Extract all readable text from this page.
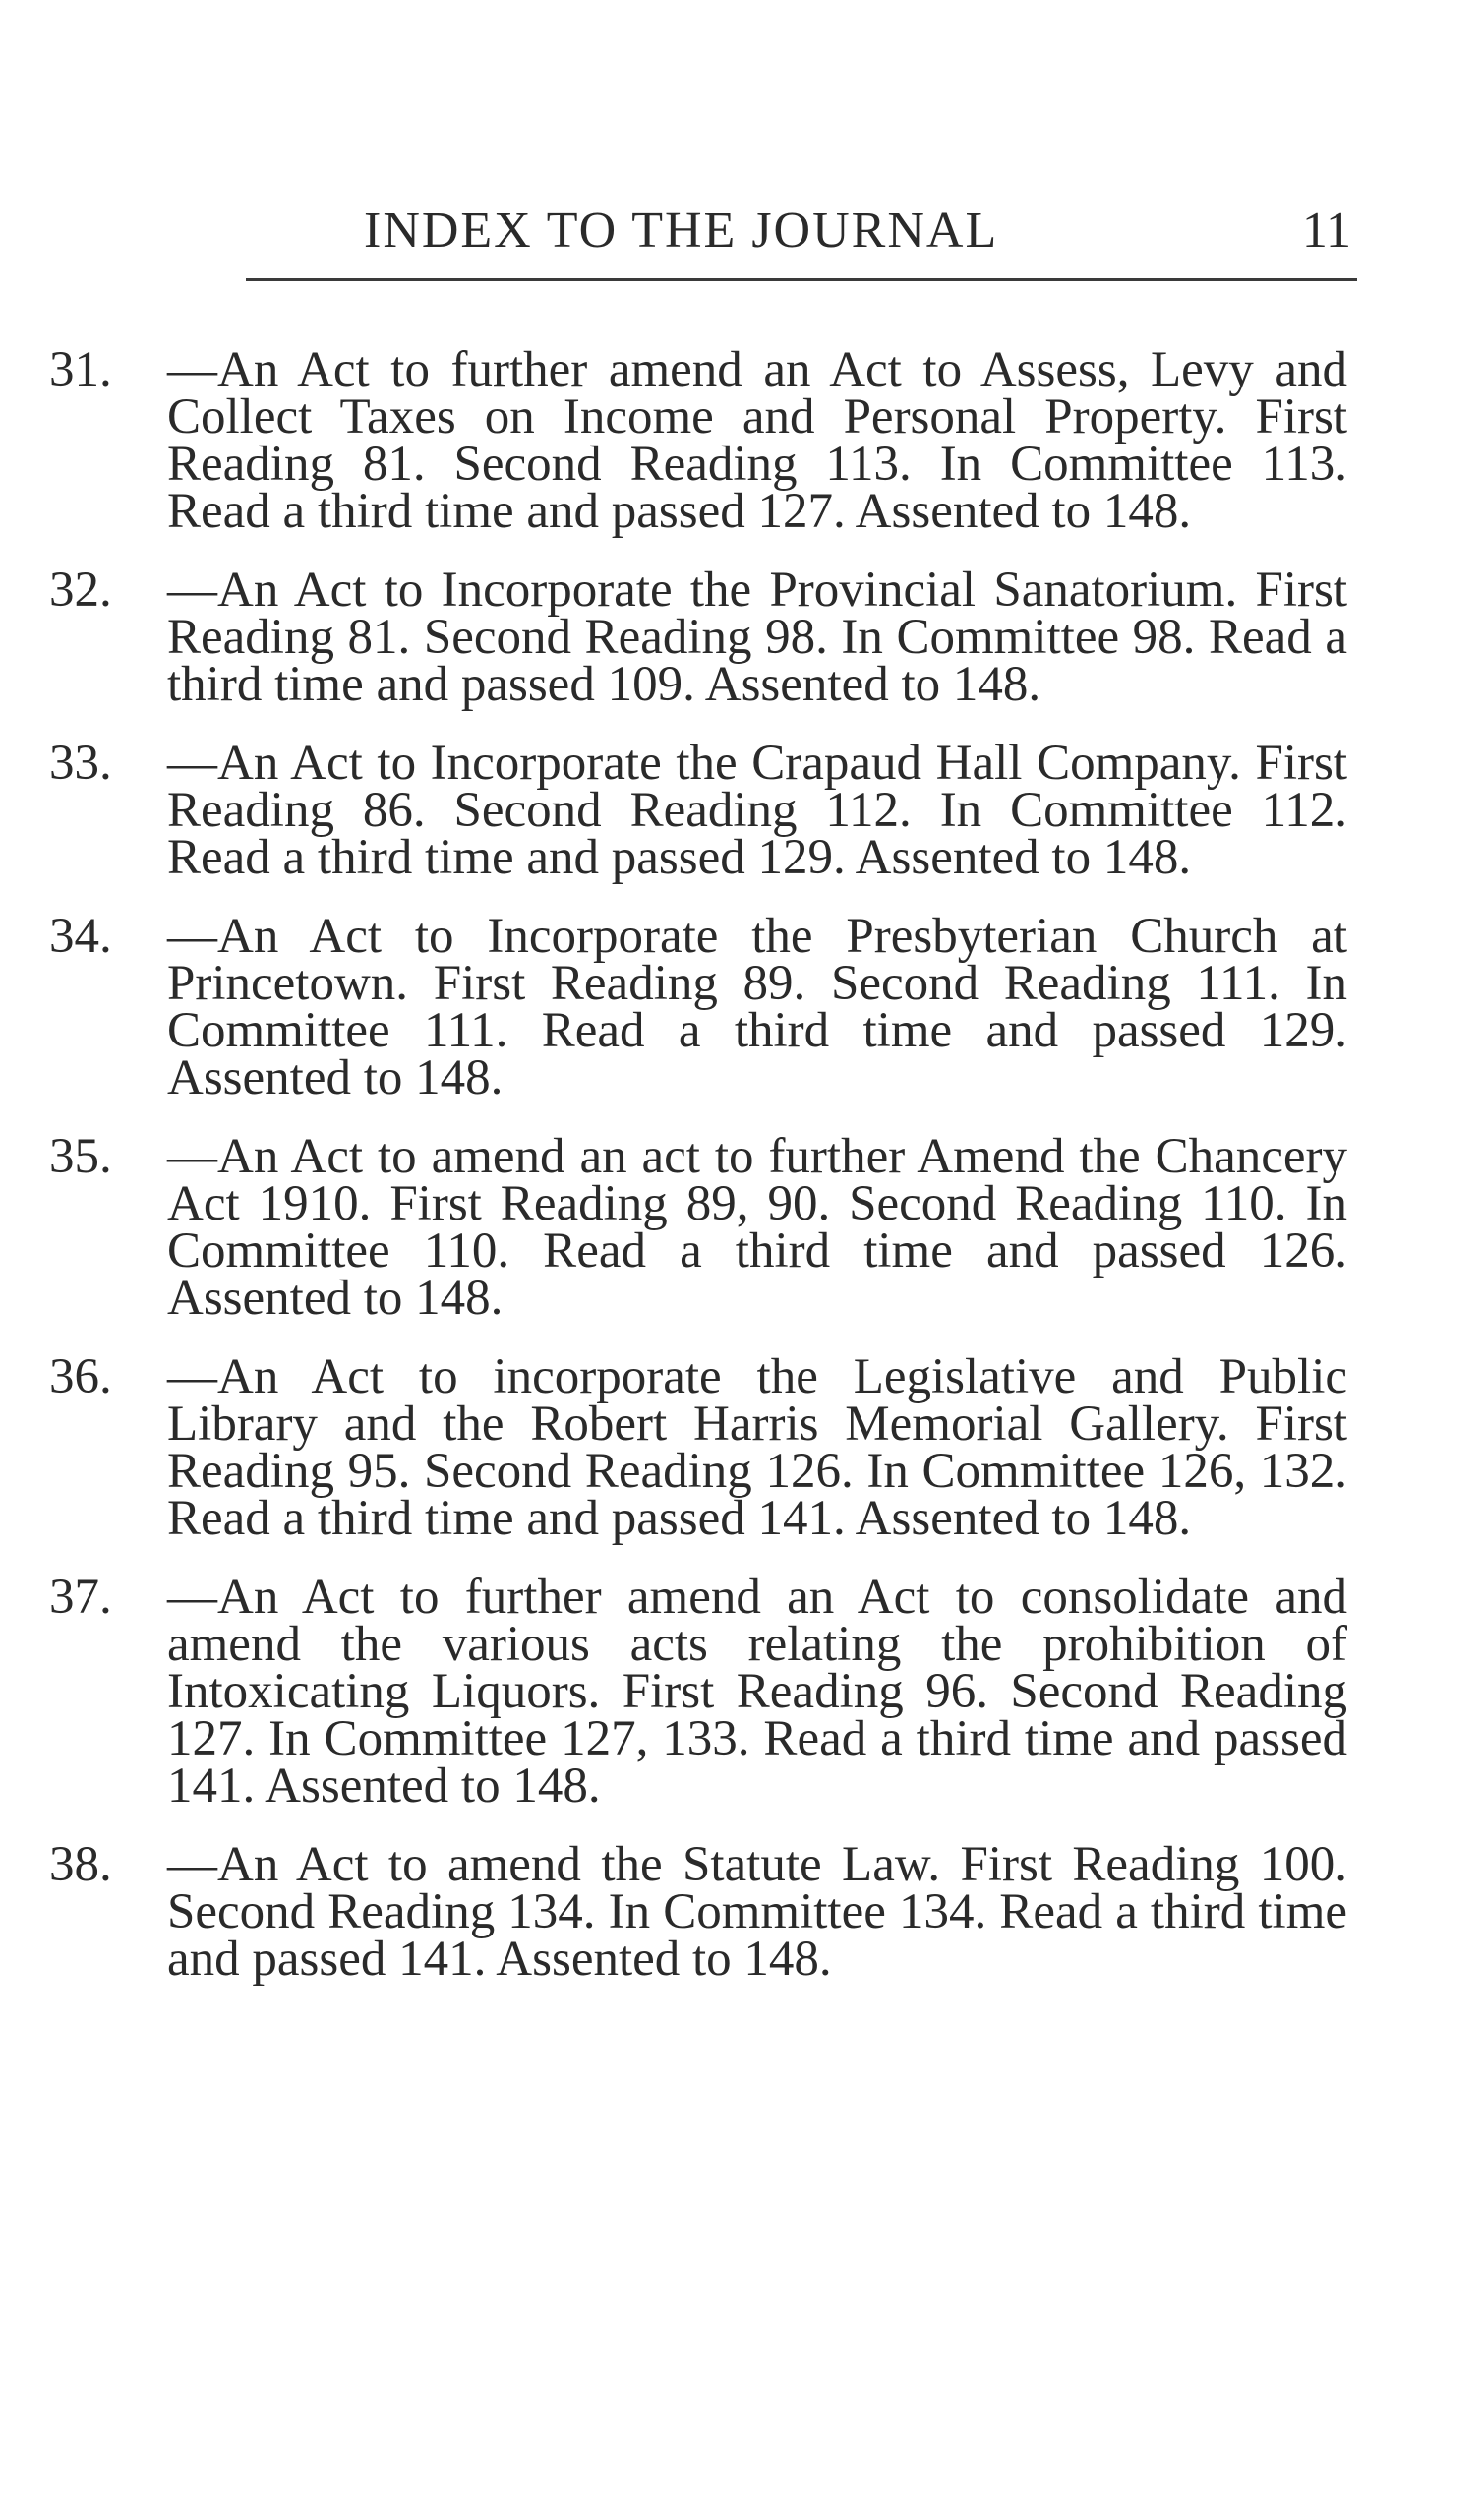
INDEX TO THE JOURNAL	11
31. —An Act to further amend an Act to Assess, Levy and Collect Taxes on Income and Personal Property. First Reading 81. Second Reading 113. In Committee 113. Read a third time and passed 127. Assented to 148.
32. —An Act to Incorporate the Provincial Sanatorium. First Reading 81. Second Reading 98. In Committee 98. Read a third time and passed 109. Assented to 148.
33. —An Act to Incorporate the Crapaud Hall Company. First Reading 86. Second Reading 112. In Committee 112. Read a third time and passed 129. Assented to 148.
34. —An Act to Incorporate the Presbyterian Church at Princetown. First Reading 89. Second Reading 111. In Committee 111. Read a third time and passed 129. Assented to 148.
35. —An Act to amend an act to further Amend the Chancery Act 1910. First Reading 89, 90. Second Reading 110. In Committee 110. Read a third time and passed 126. Assented to 148.
36. —An Act to incorporate the Legislative and Public Library and the Robert Harris Memorial Gallery. First Reading 95. Second Reading 126. In Committee 126, 132. Read a third time and passed 141. Assented to 148.
37. —An Act to further amend an Act to consolidate and amend the various acts relating the prohibition of Intoxicating Liquors. First Reading 96. Second Reading 127. In Committee 127, 133. Read a third time and passed 141. Assented to 148.
38. —An Act to amend the Statute Law. First Reading 100. Second Reading 134. In Committee 134. Read a third time and passed 141. Assented to 148.
